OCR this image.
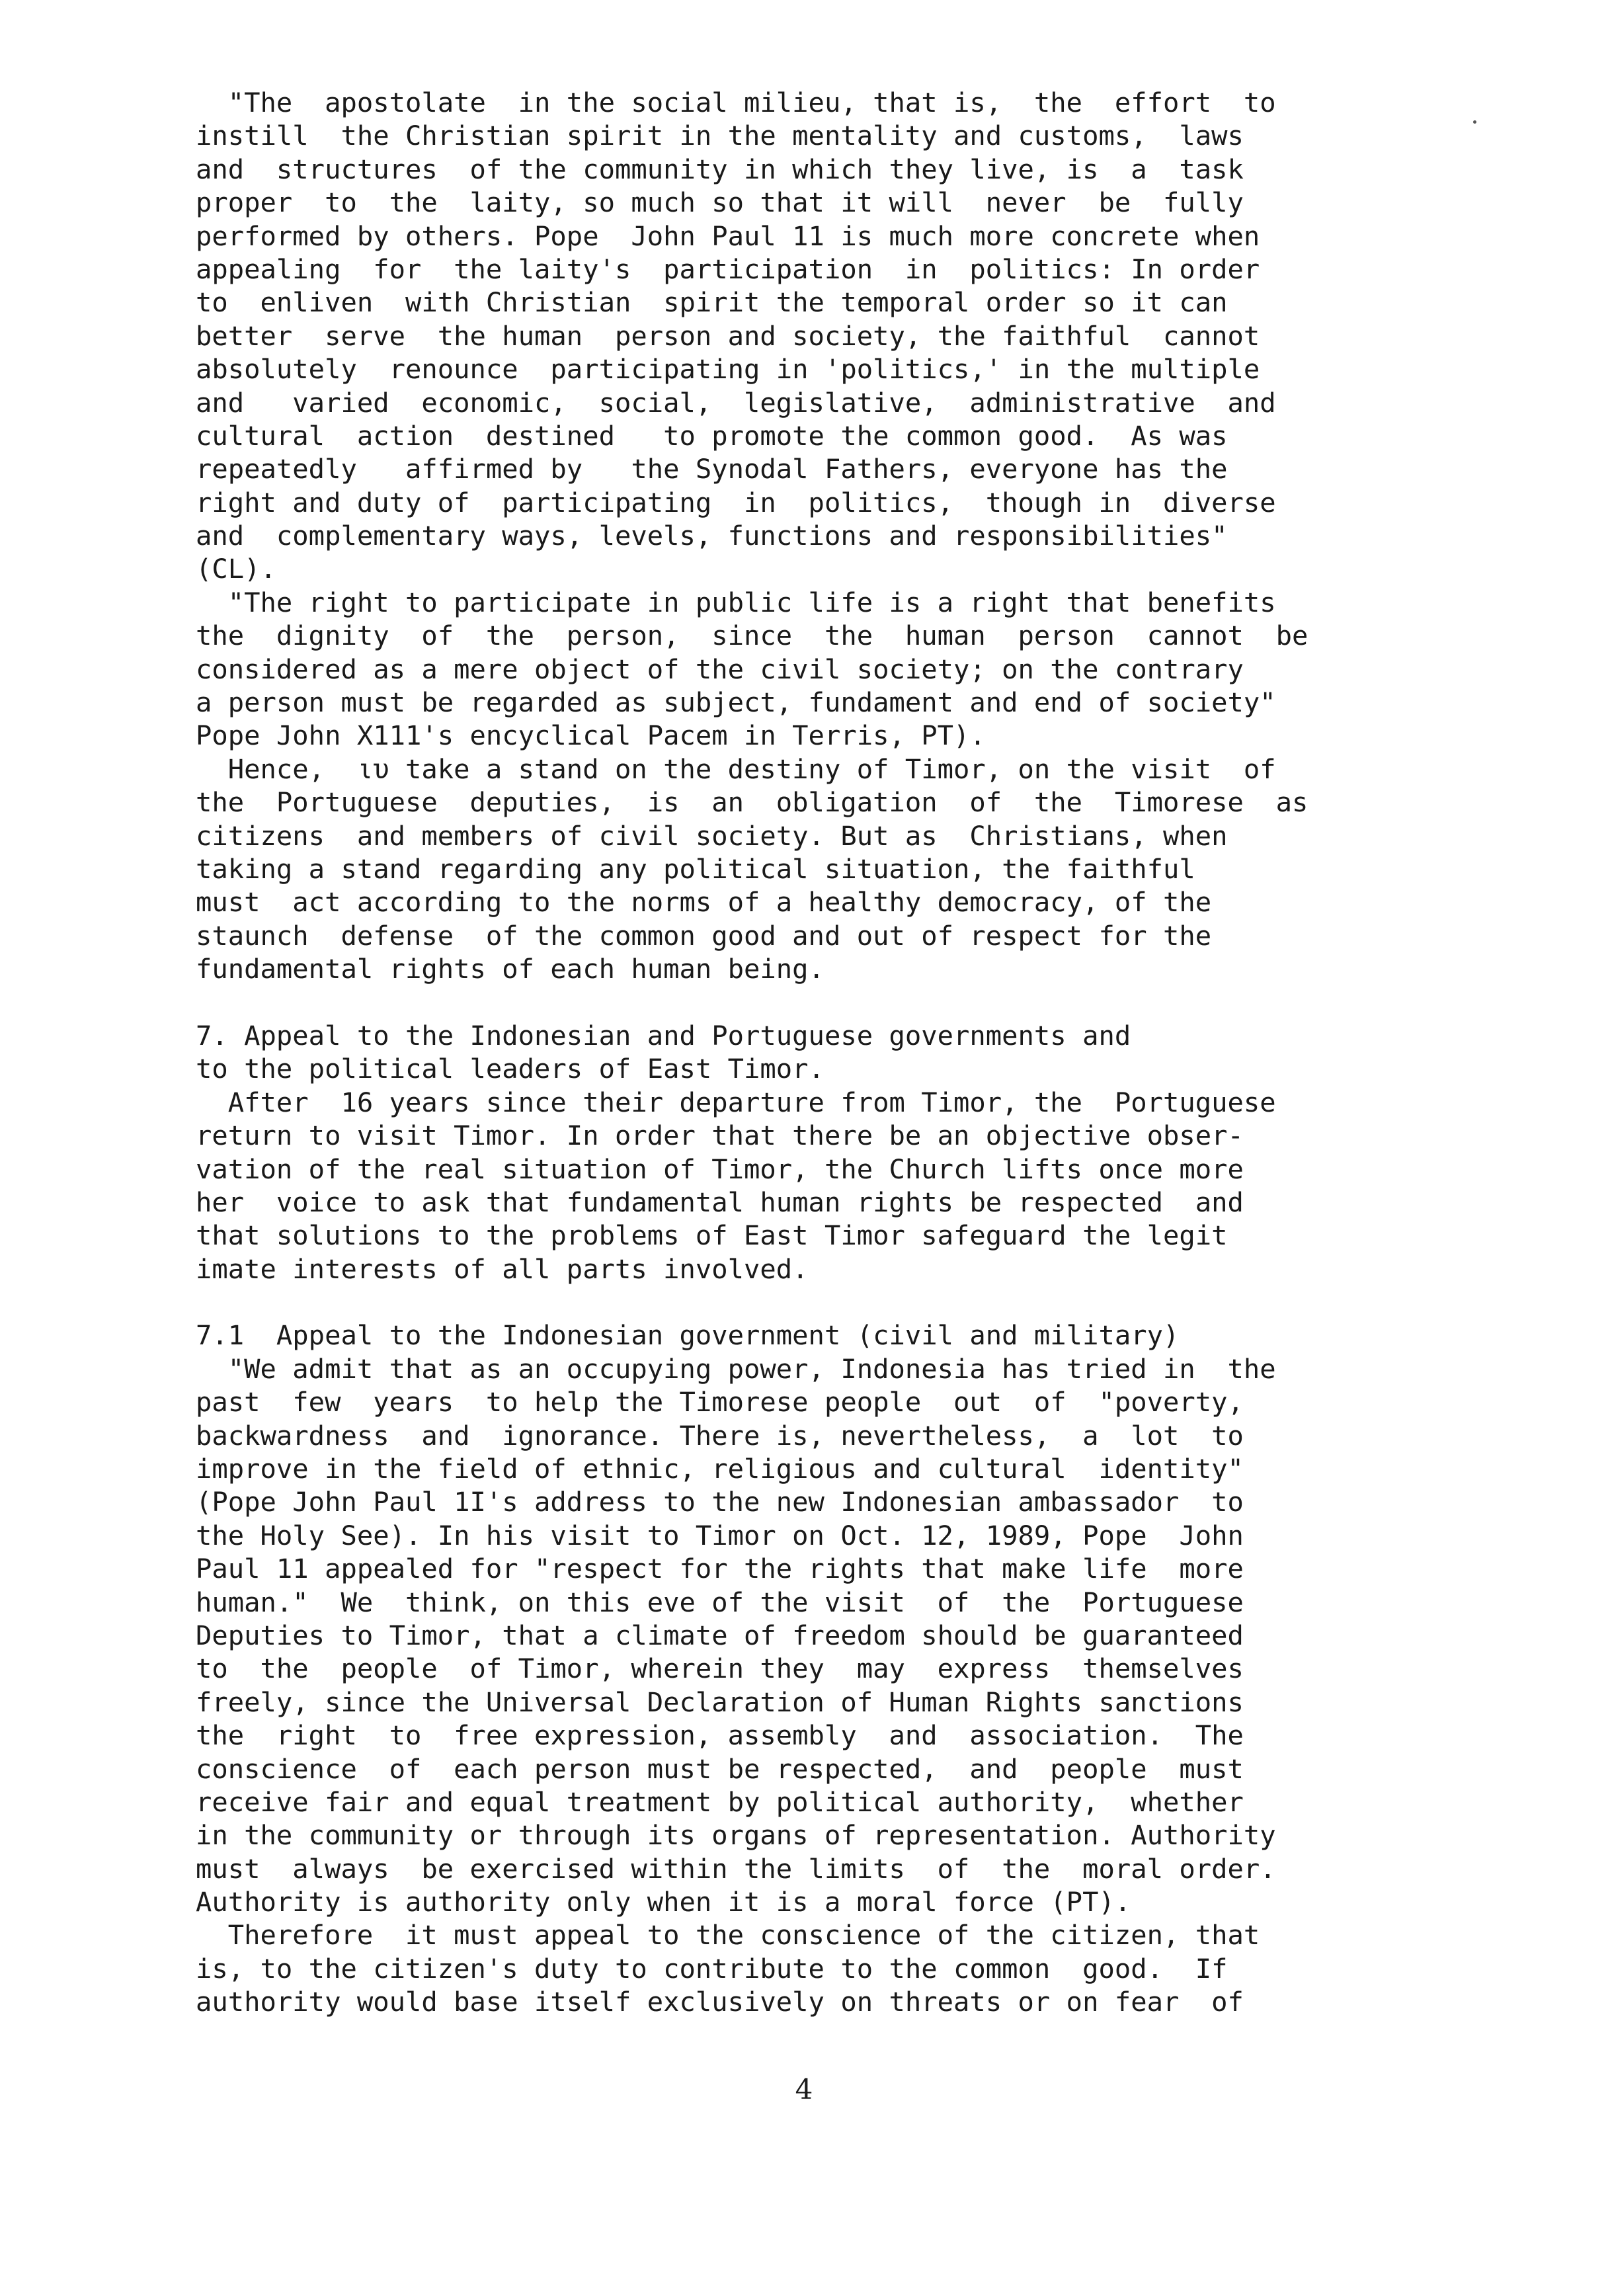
"The  apostolate  in the social milieu, that is,  the  effort  to
instill  the Christian spirit in the mentality and customs,  laws
and  structures  of the community in which they live, is  a  task
proper  to  the  laity, so much so that it will  never  be  fully
performed by others. Pope  John Paul 11 is much more concrete when
appealing  for  the laity's  participation  in  politics: In order
to  enliven  with Christian  spirit the temporal order so it can
better  serve  the human  person and society, the faithful  cannot
absolutely  renounce  participating in 'politics,' in the multiple
and   varied  economic,  social,  legislative,  administrative  and
cultural  action  destined   to promote the common good.  As was
repeatedly   affirmed by   the Synodal Fathers, everyone has the
right and duty of  participating  in  politics,  though in  diverse
and  complementary ways, levels, functions and responsibilities"
(CL).
"The right to participate in public life is a right that benefits
the  dignity  of  the  person,  since  the  human  person  cannot  be
considered as a mere object of the civil society; on the contrary
a person must be regarded as subject, fundament and end of society"
Pope John X111's encyclical Pacem in Terris, PT).
Hence,  ιυ take a stand on the destiny of Timor, on the visit  of
the  Portuguese  deputies,  is  an  obligation  of  the  Timorese  as
citizens  and members of civil society. But as  Christians, when
taking a stand regarding any political situation, the faithful
must  act according to the norms of a healthy democracy, of the
staunch  defense  of the common good and out of respect for the
fundamental rights of each human being.
7. Appeal to the Indonesian and Portuguese governments and
to the political leaders of East Timor.
After  16 years since their departure from Timor, the  Portuguese
return to visit Timor. In order that there be an objective obser-
vation of the real situation of Timor, the Church lifts once more
her  voice to ask that fundamental human rights be respected  and
that solutions to the problems of East Timor safeguard the legit
imate interests of all parts involved.
7.1  Appeal to the Indonesian government (civil and military)
"We admit that as an occupying power, Indonesia has tried in  the
past  few  years  to help the Timorese people  out  of  "poverty,
backwardness  and  ignorance. There is, nevertheless,  a  lot  to
improve in the field of ethnic, religious and cultural  identity"
(Pope John Paul 1I's address to the new Indonesian ambassador  to
the Holy See). In his visit to Timor on Oct. 12, 1989, Pope  John
Paul 11 appealed for "respect for the rights that make life  more
human."  We  think, on this eve of the visit  of  the  Portuguese
Deputies to Timor, that a climate of freedom should be guaranteed
to  the  people  of Timor, wherein they  may  express  themselves
freely, since the Universal Declaration of Human Rights sanctions
the  right  to  free expression, assembly  and  association.  The
conscience  of  each person must be respected,  and  people  must
receive fair and equal treatment by political authority,  whether
in the community or through its organs of representation. Authority
must  always  be exercised within the limits  of  the  moral order.
Authority is authority only when it is a moral force (PT).
Therefore  it must appeal to the conscience of the citizen, that
is, to the citizen's duty to contribute to the common  good.  If
authority would base itself exclusively on threats or on fear  of
4
